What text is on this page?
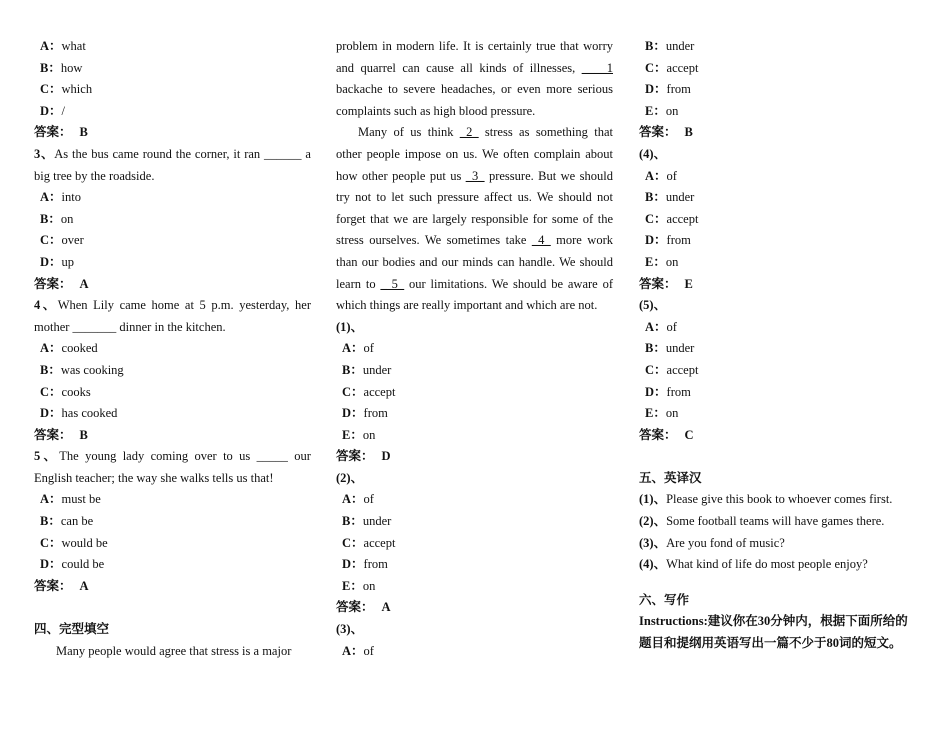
A：what
B：how
C：which
D：/
答案： B
3、As the bus came round the corner, it ran ______ a big tree by the roadside.
A：into
B：on
C：over
D：up
答案： A
4、When Lily came home at 5 p.m. yesterday, her mother _______ dinner in the kitchen.
A：cooked
B：was cooking
C：cooks
D：has cooked
答案： B
5、The young lady coming over to us _____ our English teacher; the way she walks tells us that!
A：must be
B：can be
C：would be
D：could be
答案： A
四、完型填空
Many people would agree that stress is a major
problem in modern life. It is certainly true that worry and quarrel can cause all kinds of illnesses, ____1 backache to severe headaches, or even more serious complaints such as high blood pressure.
Many of us think _2_ stress as something that other people impose on us. We often complain about how other people put us _3_ pressure. But we should try not to let such pressure affect us. We should not forget that we are largely responsible for some of the stress ourselves. We sometimes take _4_ more work than our bodies and our minds can handle. We should learn to _ 5_ our limitations. We should be aware of which things are really important and which are not.
(1)、
A：of
B：under
C：accept
D：from
E：on
答案： D
(2)、
A：of
B：under
C：accept
D：from
E：on
答案： A
(3)、
A：of
B：under
C：accept
D：from
E：on
答案： B
(4)、
A：of
B：under
C：accept
D：from
E：on
答案： E
(5)、
A：of
B：under
C：accept
D：from
E：on
答案： C
五、英译汉
(1)、Please give this book to whoever comes first.
(2)、Some football teams will have games there.
(3)、Are you fond of music?
(4)、What kind of life do most people enjoy?
六、写作
Instructions:建议你在30分钟内，根据下面所给的题目和提纲用英语写出一篇不少于80词的短文。
